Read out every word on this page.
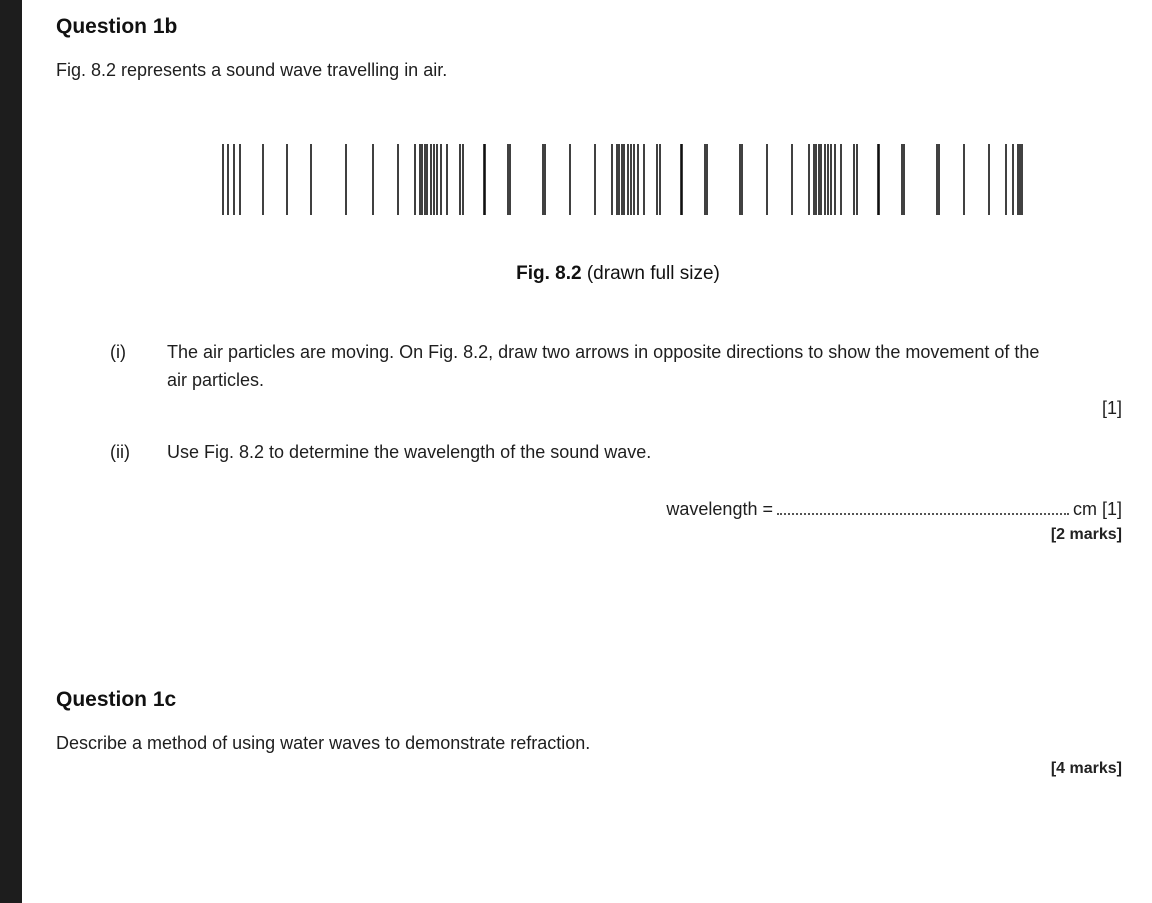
Question 1b
Fig. 8.2 represents a sound wave travelling in air.
Fig. 8.2 (drawn full size)
(i) The air particles are moving. On Fig. 8.2, draw two arrows in opposite directions to show the movement of the
air particles.
[1]
(ii) Use Fig. 8.2 to determine the wavelength of the sound wave.
wavelength =	cm [1]
[2 marks]
Question 1c
Describe a method of using water waves to demonstrate refraction.
[4 marks]
